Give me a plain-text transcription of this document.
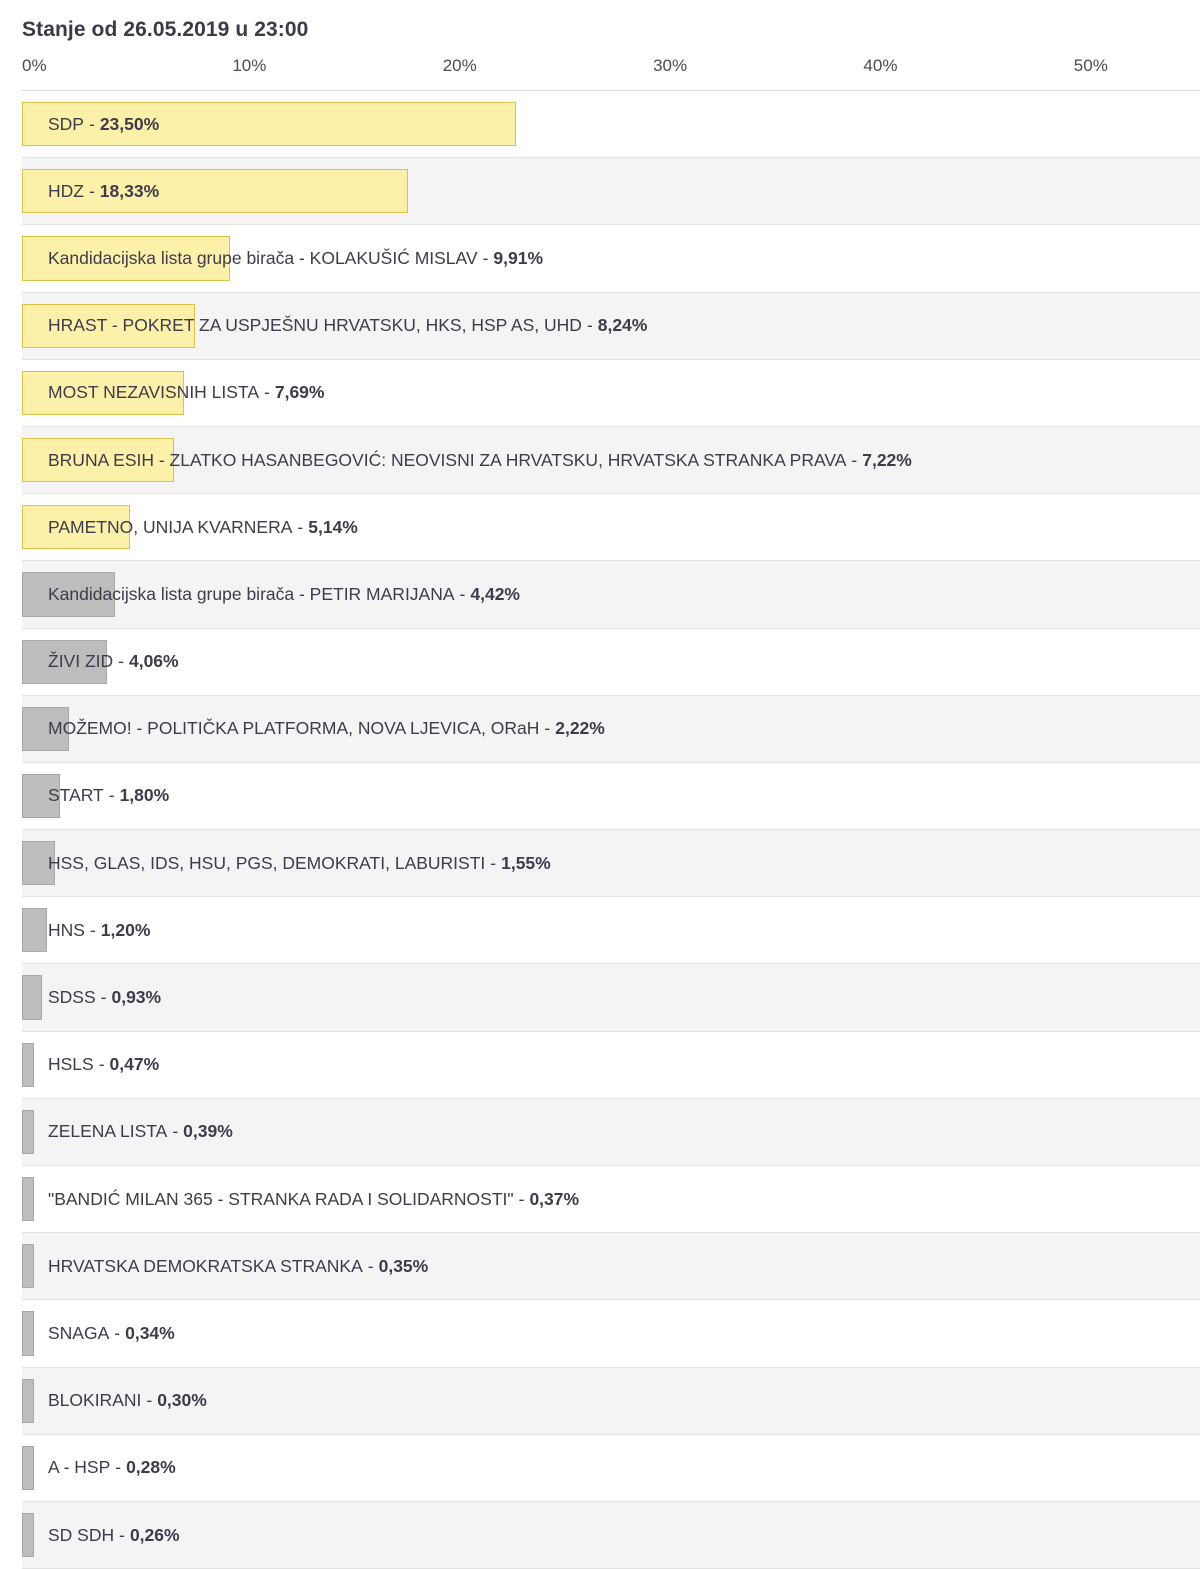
Stanje od 26.05.2019 u 23:00
0%	10%	20%	30%	40%	50%
SDP - 23,50%
HDZ - 18,33%
Kandidacijska lista grupe birača - KOLAKUŠIĆ MISLAV - 9,91%
HRAST - POKRET ZA USPJEŠNU HRVATSKU, HKS, HSP AS, UHD - 8,24%
MOST NEZAVISNIH LISTA - 7,69%
BRUNA ESIH - ZLATKO HASANBEGOVIĆ: NEOVISNI ZA HRVATSKU, HRVATSKA STRANKA PRAVA - 7,22%
PAMETNO, UNIJA KVARNERA - 5,14%
Kandidacijska lista grupe birača - PETIR MARIJANA - 4,42%
ŽIVI ZID - 4,06%
MOŽEMO! - POLITIČKA PLATFORMA, NOVA LJEVICA, ORaH - 2,22%
START - 1,80%
HSS, GLAS, IDS, HSU, PGS, DEMOKRATI, LABURISTI - 1,55%
HNS - 1,20%
SDSS - 0,93%
HSLS - 0,47%
ZELENA LISTA - 0,39%
"BANDIĆ MILAN 365 - STRANKA RADA I SOLIDARNOSTI" - 0,37%
HRVATSKA DEMOKRATSKA STRANKA - 0,35%
SNAGA - 0,34%
BLOKIRANI - 0,30%
A - HSP - 0,28%
SD SDH - 0,26%
